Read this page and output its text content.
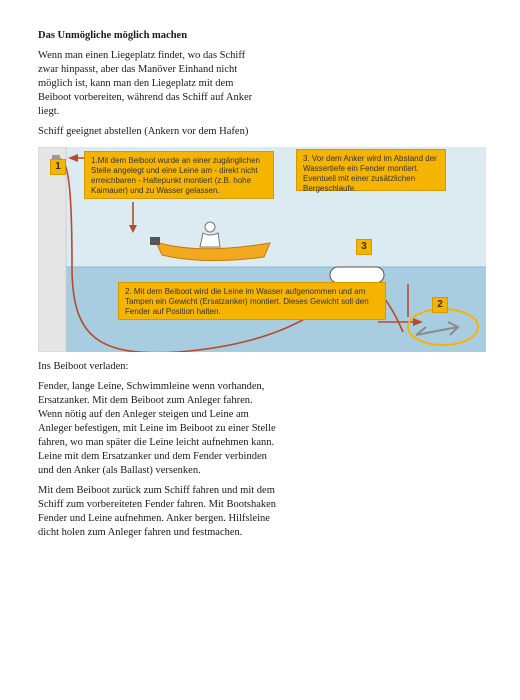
Das Unmögliche möglich machen

Wenn man einen Liegeplatz findet, wo das Schiff zwar hinpasst, aber das Manöver Einhand nicht möglich ist, kann man den Liegeplatz mit dem Beiboot vorbereiten, während das Schiff auf Anker liegt.

Schiff geeignet abstellen (Ankern vor dem Hafen)

1.Mit dem Beiboot wurde an einer zugänglichen Stelle angelegt und eine Leine am - direkt nicht erreichbaren - Haltepunkt montiert (z.B. hohe Kaimauer) und zu Wasser gelassen.
3. Vor dem Anker wird im Abstand der Wassertiefe ein Fender montiert. Eventuell mit einer zusätzlichen Bergeschlaufe.
2. Mit dem Beiboot wird die Leine im Wasser aufgenommen und am Tampen ein Gewicht (Ersatzanker) montiert. Dieses Gewicht soll den Fender auf Position halten.
1
3
2

Ins Beiboot verladen:

Fender, lange Leine, Schwimmleine wenn vorhanden, Ersatzanker. Mit dem Beiboot zum Anleger fahren. Wenn nötig auf den Anleger steigen und Leine am Anleger befestigen, mit Leine im Beiboot zu einer Stelle fahren, wo man später die Leine leicht aufnehmen kann. Leine mit dem Ersatzanker und dem Fender verbinden und den Anker (als Ballast) versenken.

Mit dem Beiboot zurück zum Schiff fahren und mit dem Schiff zum vorbereiteten Fender fahren. Mit Bootshaken Fender und Leine aufnehmen. Anker bergen. Hilfsleine dicht holen zum Anleger fahren und festmachen.
